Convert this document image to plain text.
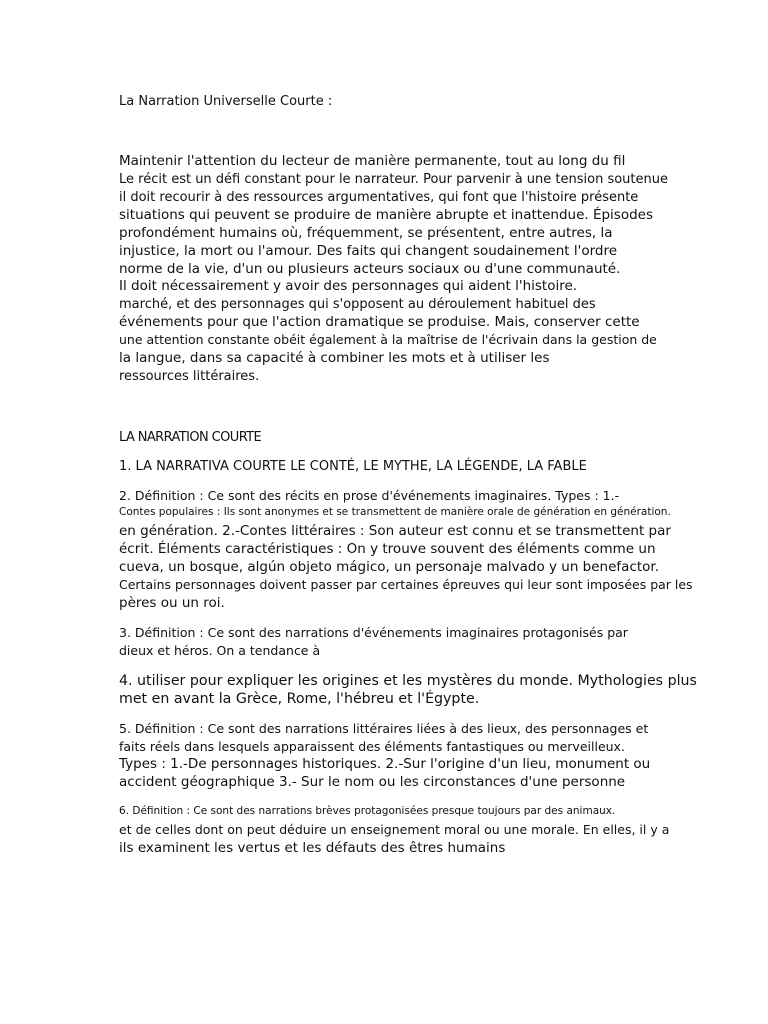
La Narration Universelle Courte :
Maintenir l'attention du lecteur de manière permanente, tout au long du fil
Le récit est un défi constant pour le narrateur. Pour parvenir à une tension soutenue
il doit recourir à des ressources argumentatives, qui font que l'histoire présente
situations qui peuvent se produire de manière abrupte et inattendue. Épisodes
profondément humains où, fréquemment, se présentent, entre autres, la
injustice, la mort ou l'amour. Des faits qui changent soudainement l'ordre
norme de la vie, d'un ou plusieurs acteurs sociaux ou d'une communauté.
Il doit nécessairement y avoir des personnages qui aident l'histoire.
marché, et des personnages qui s'opposent au déroulement habituel des
événements pour que l'action dramatique se produise. Mais, conserver cette
une attention constante obéit également à la maîtrise de l'écrivain dans la gestion de
la langue, dans sa capacité à combiner les mots et à utiliser les
ressources littéraires.
LA NARRATION COURTE
1. LA NARRATIVA COURTE LE CONTÉ, LE MYTHE, LA LÉGENDE, LA FABLE
2. Définition : Ce sont des récits en prose d'événements imaginaires. Types : 1.-
Contes populaires : Ils sont anonymes et se transmettent de manière orale de génération en génération.
en génération. 2.-Contes littéraires : Son auteur est connu et se transmettent par
écrit. Éléments caractéristiques : On y trouve souvent des éléments comme un
cueva, un bosque, algún objeto mágico, un personaje malvado y un benefactor.
Certains personnages doivent passer par certaines épreuves qui leur sont imposées par les
pères ou un roi.
3. Définition : Ce sont des narrations d'événements imaginaires protagonisés par
dieux et héros. On a tendance à
4. utiliser pour expliquer les origines et les mystères du monde. Mythologies plus
met en avant la Grèce, Rome, l'hébreu et l'Égypte.
5. Définition : Ce sont des narrations littéraires liées à des lieux, des personnages et
faits réels dans lesquels apparaissent des éléments fantastiques ou merveilleux.
Types : 1.-De personnages historiques. 2.-Sur l'origine d'un lieu, monument ou
accident géographique 3.- Sur le nom ou les circonstances d'une personne
6. Définition : Ce sont des narrations brèves protagonisées presque toujours par des animaux.
et de celles dont on peut déduire un enseignement moral ou une morale. En elles, il y a
ils examinent les vertus et les défauts des êtres humains
